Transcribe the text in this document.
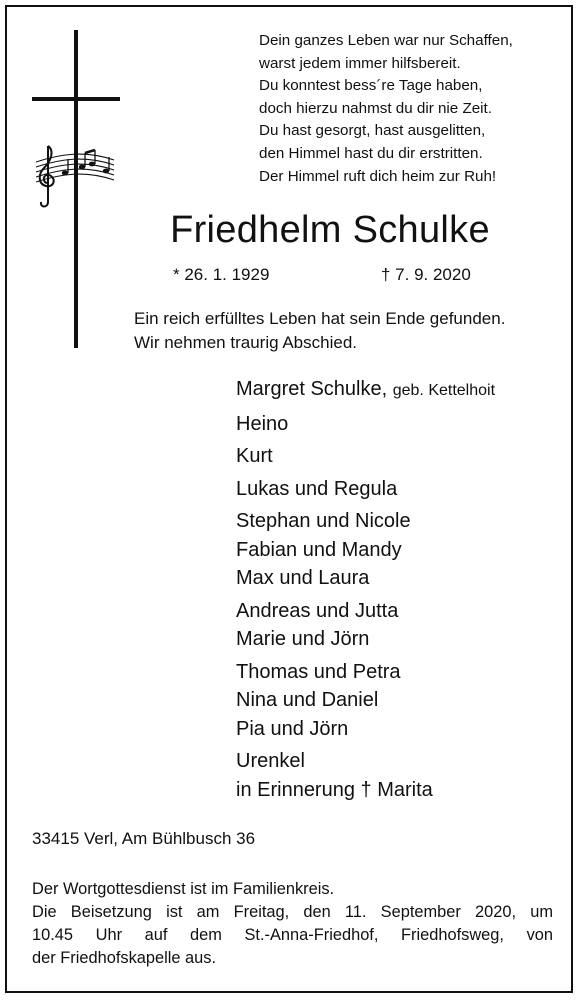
Dein ganzes Leben war nur Schaffen,
warst jedem immer hilfsbereit.
Du konntest bess´re Tage haben,
doch hierzu nahmst du dir nie Zeit.
Du hast gesorgt, hast ausgelitten,
den Himmel hast du dir erstritten.
Der Himmel ruft dich heim zur Ruh!
Friedhelm Schulke
* 26. 1. 1929	† 7. 9. 2020
Ein reich erfülltes Leben hat sein Ende gefunden.
Wir nehmen traurig Abschied.
Margret Schulke, geb. Kettelhoit
Heino
Kurt
Lukas und Regula
Stephan und Nicole
Fabian und Mandy
Max und Laura
Andreas und Jutta
Marie und Jörn
Thomas und Petra
Nina und Daniel
Pia und Jörn
Urenkel
in Erinnerung † Marita
33415 Verl, Am Bühlbusch 36
Der Wortgottesdienst ist im Familienkreis.
Die Beisetzung ist am Freitag, den 11. September 2020, um
10.45 Uhr auf dem St.-Anna-Friedhof, Friedhofsweg, von
der Friedhofskapelle aus.
